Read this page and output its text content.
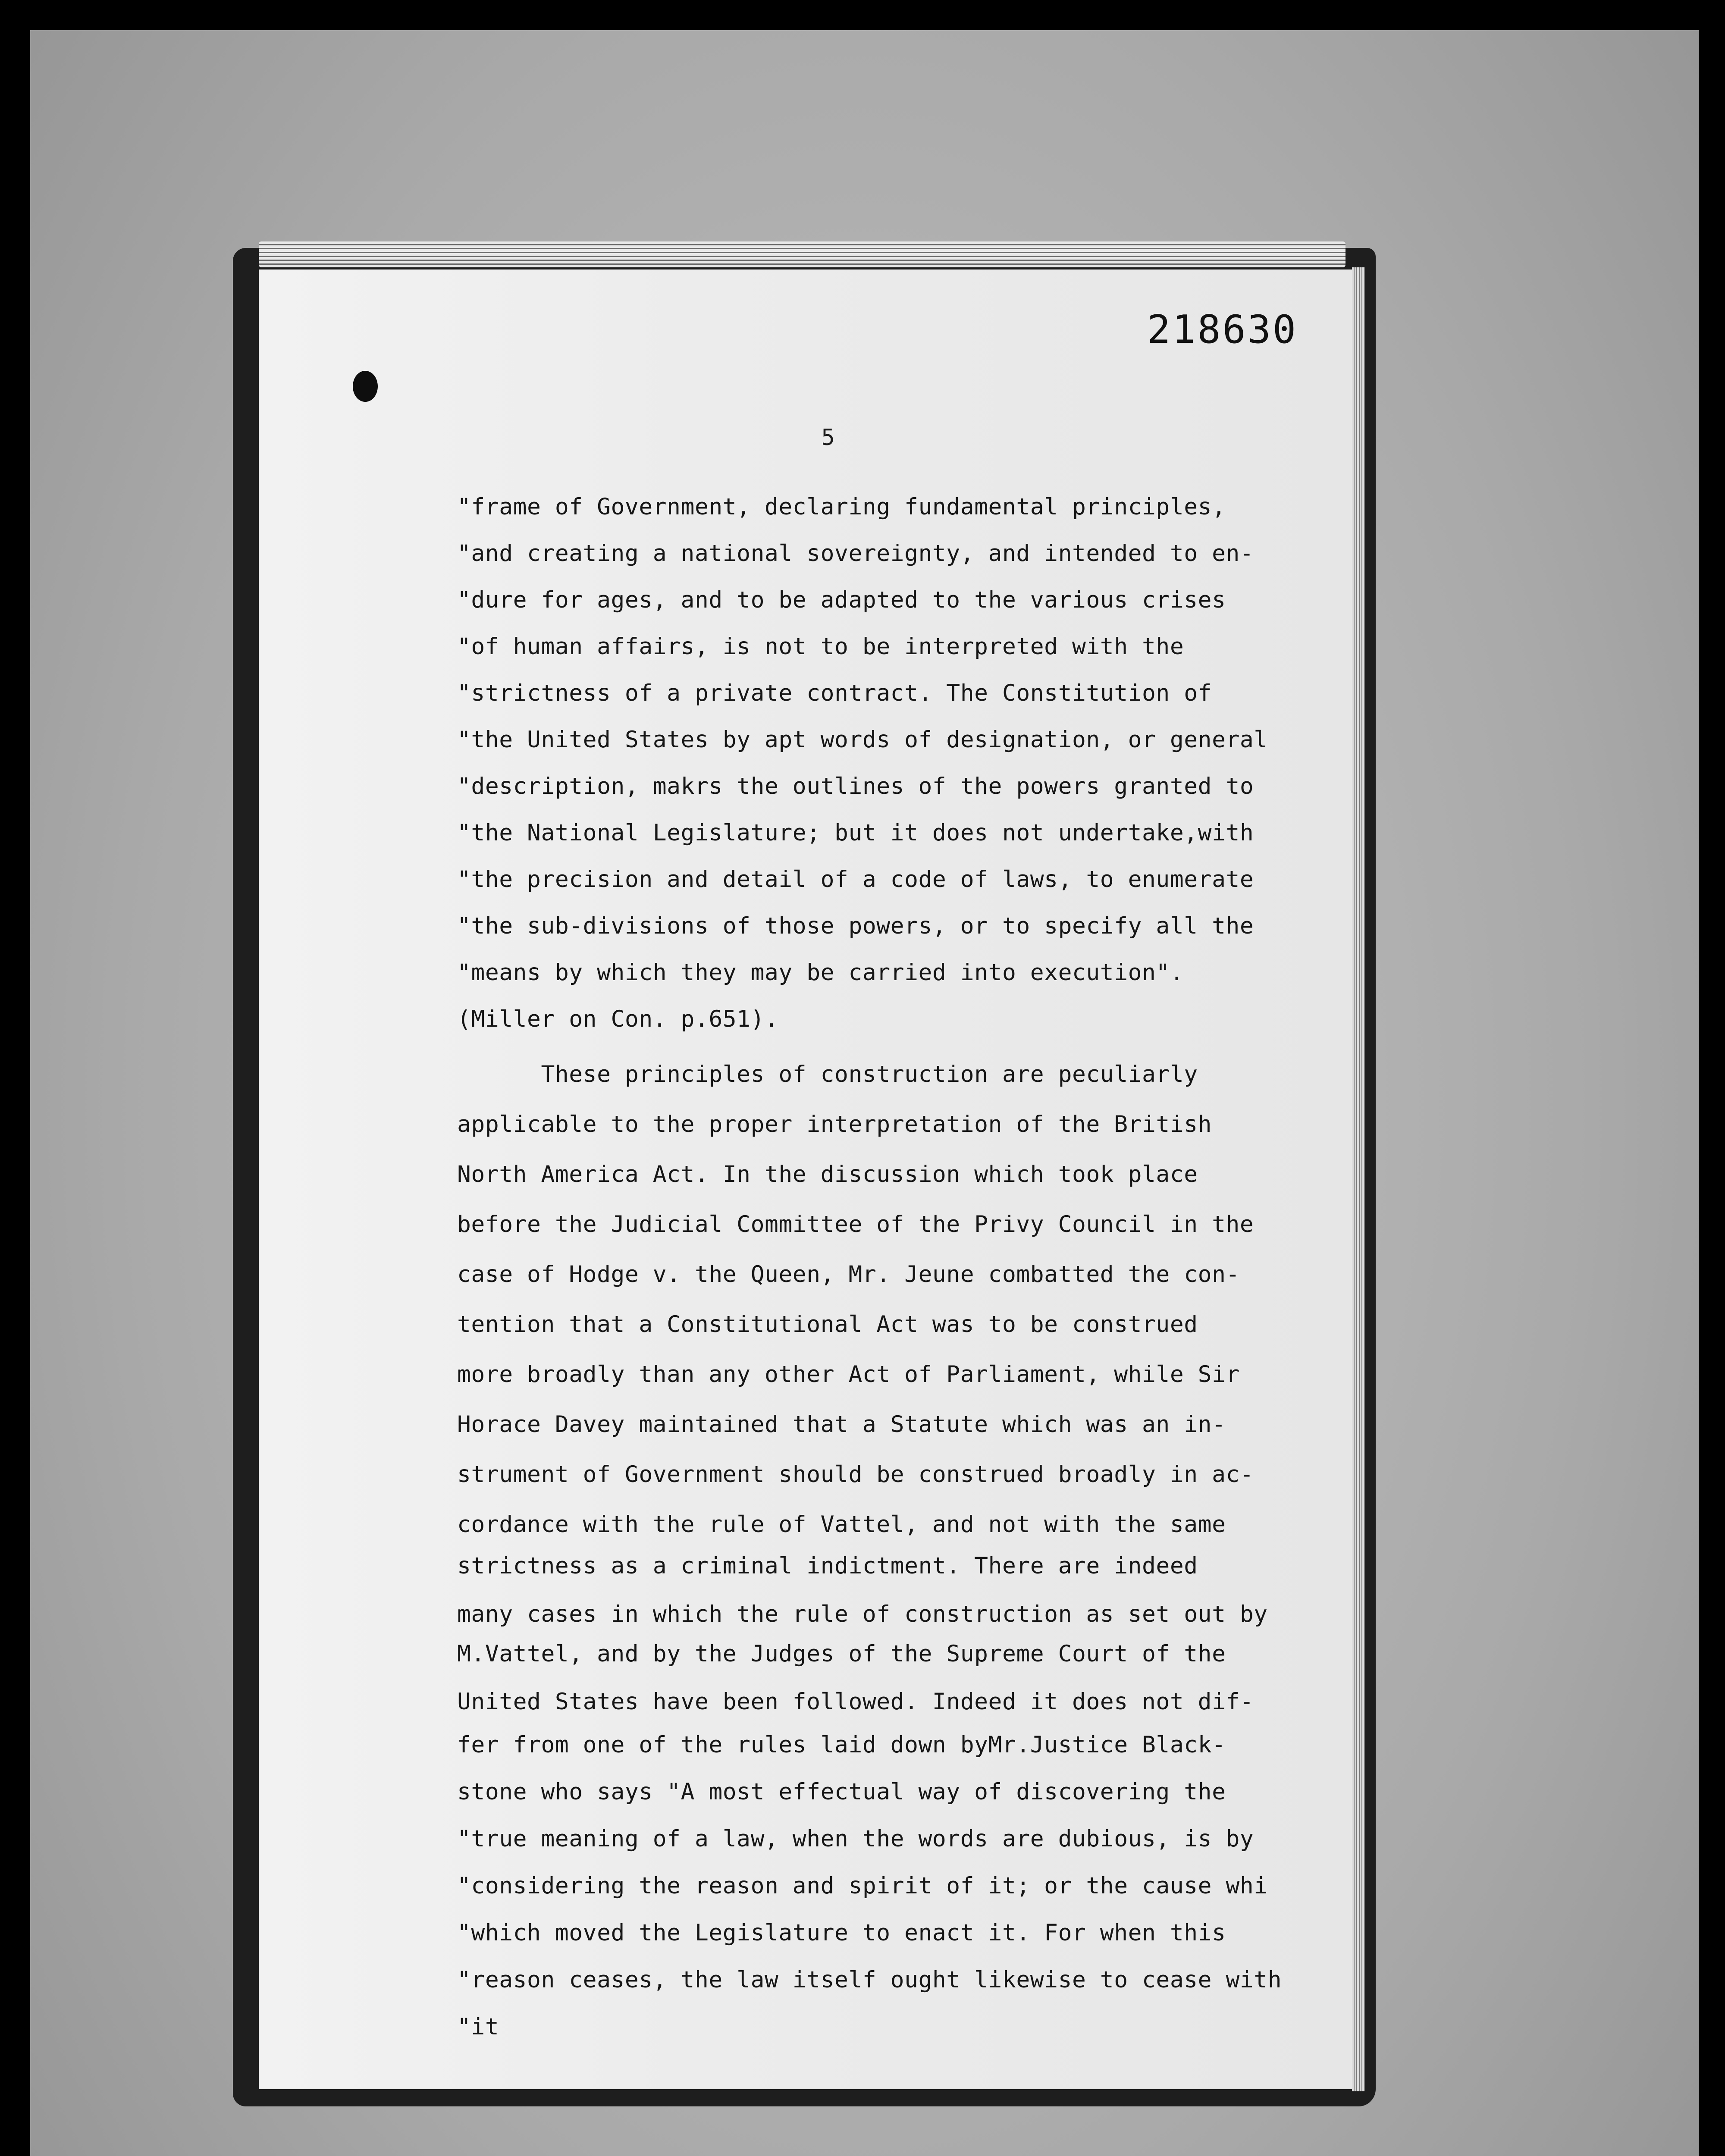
218630
5
"frame of Government, declaring fundamental principles,
"and creating a national sovereignty, and intended to en-
"dure for ages, and to be adapted to the various crises
"of human affairs, is not to be interpreted with the
"strictness of a private contract. The Constitution of
"the United States by apt words of designation, or general
"description, makrs the outlines of the powers granted to
"the National Legislature; but it does not undertake,with
"the precision and detail of a code of laws, to enumerate
"the sub-divisions of those powers, or to specify all the
"means by which they may be carried into execution".
(Miller on Con. p.651).
These principles of construction are peculiarly
applicable to the proper interpretation of the British
North America Act. In the discussion which took place
before the Judicial Committee of the Privy Council in the
case of Hodge v. the Queen, Mr. Jeune combatted the con-
tention that a Constitutional Act was to be construed
more broadly than any other Act of Parliament, while Sir
Horace Davey maintained that a Statute which was an in-
strument of Government should be construed broadly in ac-
cordance with the rule of Vattel, and not with the same
strictness as a criminal indictment. There are indeed
many cases in which the rule of construction as set out by
M.Vattel, and by the Judges of the Supreme Court of the
United States have been followed. Indeed it does not dif-
fer from one of the rules laid down byMr.Justice Black-
stone who says "A most effectual way of discovering the
"true meaning of a law, when the words are dubious, is by
"considering the reason and spirit of it; or the cause whi
"which moved the Legislature to enact it. For when this
"reason ceases, the law itself ought likewise to cease with
"it
